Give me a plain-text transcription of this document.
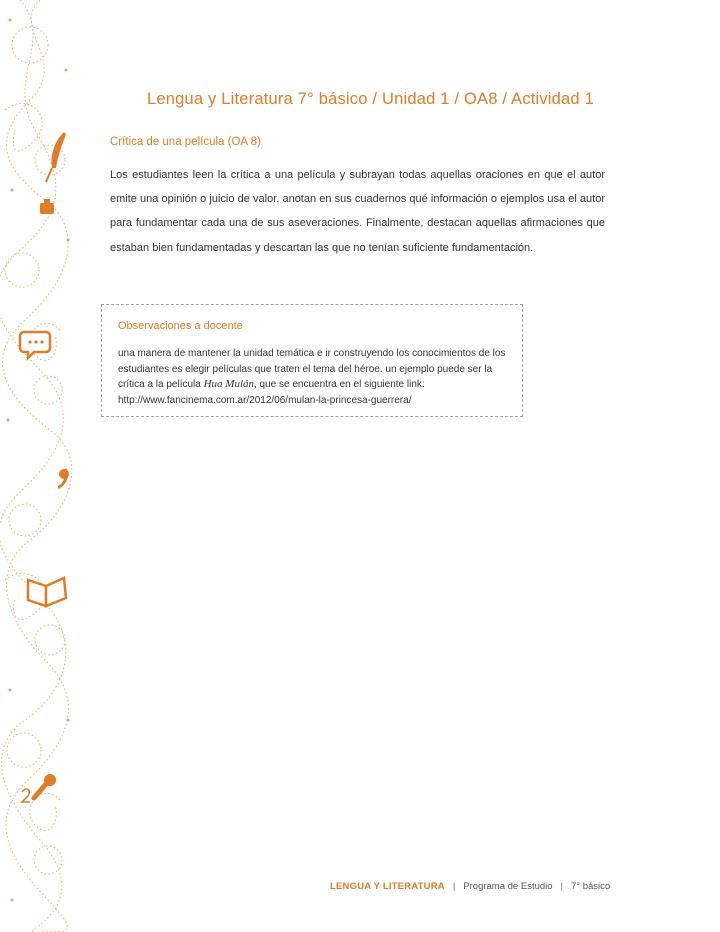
Lengua y Literatura 7° básico / Unidad 1 / OA8 / Actividad 1
Crítica de una película (OA 8)
Los estudiantes leen la crítica a una película y subrayan todas aquellas oraciones en que el autor emite una opinión o juicio de valor. anotan en sus cuadernos qué información o ejemplos usa el autor para fundamentar cada una de sus aseveraciones. Finalmente, destacan aquellas afirmaciones que estaban bien fundamentadas y descartan las que no tenían suficiente fundamentación.
Observaciones a docente
una manera de mantener la unidad temática e ir construyendo los conocimientos de los estudiantes es elegir películas que traten el tema del héroe. un ejemplo puede ser la crítica a la película Hua Mulán, que se encuentra en el siguiente link: http://www.fancinema.com.ar/2012/06/mulan-la-princesa-guerrera/
LENGUA Y LITERATURA | Programa de Estudio | 7° básico
